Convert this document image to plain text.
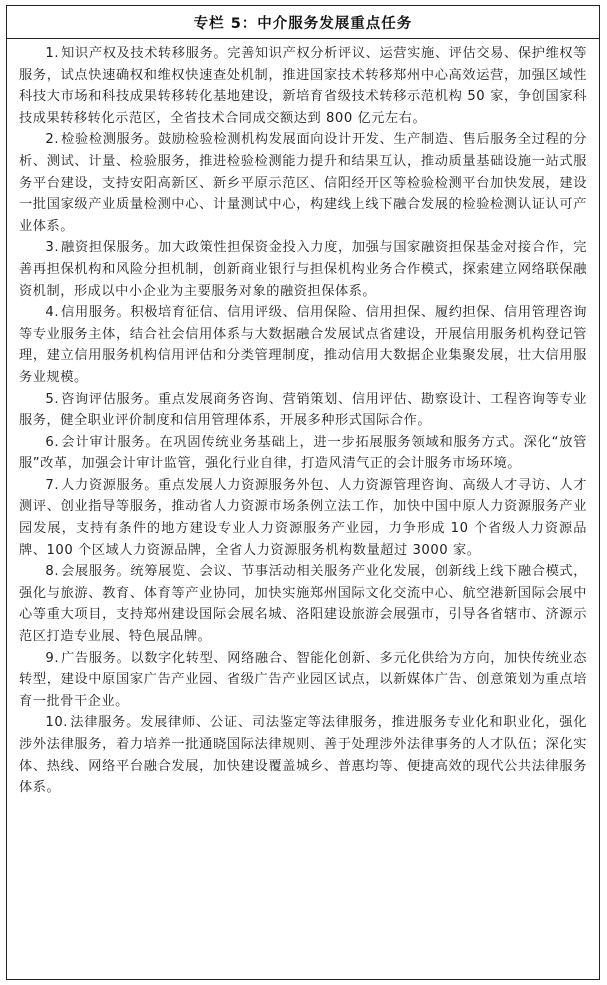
专栏 5：中介服务发展重点任务

1. 知识产权及技术转移服务。完善知识产权分析评议、运营实施、评估交易、保护维权等服务，试点快速确权和维权快速查处机制，推进国家技术转移郑州中心高效运营，加强区域性科技大市场和科技成果转移转化基地建设，新培育省级技术转移示范机构 50 家，争创国家科技成果转移转化示范区，全省技术合同成交额达到 800 亿元左右。

2. 检验检测服务。鼓励检验检测机构发展面向设计开发、生产制造、售后服务全过程的分析、测试、计量、检验服务，推进检验检测能力提升和结果互认，推动质量基础设施一站式服务平台建设，支持安阳高新区、新乡平原示范区、信阳经开区等检验检测平台加快发展，建设一批国家级产业质量检测中心、计量测试中心，构建线上线下融合发展的检验检测认证认可产业体系。

3. 融资担保服务。加大政策性担保资金投入力度，加强与国家融资担保基金对接合作，完善再担保机构和风险分担机制，创新商业银行与担保机构业务合作模式，探索建立网络联保融资机制，形成以中小企业为主要服务对象的融资担保体系。

4. 信用服务。积极培育征信、信用评级、信用保险、信用担保、履约担保、信用管理咨询等专业服务主体，结合社会信用体系与大数据融合发展试点省建设，开展信用服务机构登记管理，建立信用服务机构信用评估和分类管理制度，推动信用大数据企业集聚发展，壮大信用服务业规模。

5. 咨询评估服务。重点发展商务咨询、营销策划、信用评估、勘察设计、工程咨询等专业服务，健全职业评价制度和信用管理体系，开展多种形式国际合作。

6. 会计审计服务。在巩固传统业务基础上，进一步拓展服务领域和服务方式。深化“放管服”改革，加强会计审计监管，强化行业自律，打造风清气正的会计服务市场环境。

7. 人力资源服务。重点发展人力资源服务外包、人力资源管理咨询、高级人才寻访、人才测评、创业指导等服务，推动省人力资源市场条例立法工作，加快中国中原人力资源服务产业园发展，支持有条件的地方建设专业人力资源服务产业园，力争形成 10 个省级人力资源品牌、100 个区域人力资源品牌，全省人力资源服务机构数量超过 3000 家。

8. 会展服务。统筹展览、会议、节事活动相关服务产业化发展，创新线上线下融合模式，强化与旅游、教育、体育等产业协同，加快实施郑州国际文化交流中心、航空港新国际会展中心等重大项目，支持郑州建设国际会展名城、洛阳建设旅游会展强市，引导各省辖市、济源示范区打造专业展、特色展品牌。

9. 广告服务。以数字化转型、网络融合、智能化创新、多元化供给为方向，加快传统业态转型，建设中原国家广告产业园、省级广告产业园区试点，以新媒体广告、创意策划为重点培育一批骨干企业。

10. 法律服务。发展律师、公证、司法鉴定等法律服务，推进服务专业化和职业化，强化涉外法律服务，着力培养一批通晓国际法律规则、善于处理涉外法律事务的人才队伍；深化实体、热线、网络平台融合发展，加快建设覆盖城乡、普惠均等、便捷高效的现代公共法律服务体系。
